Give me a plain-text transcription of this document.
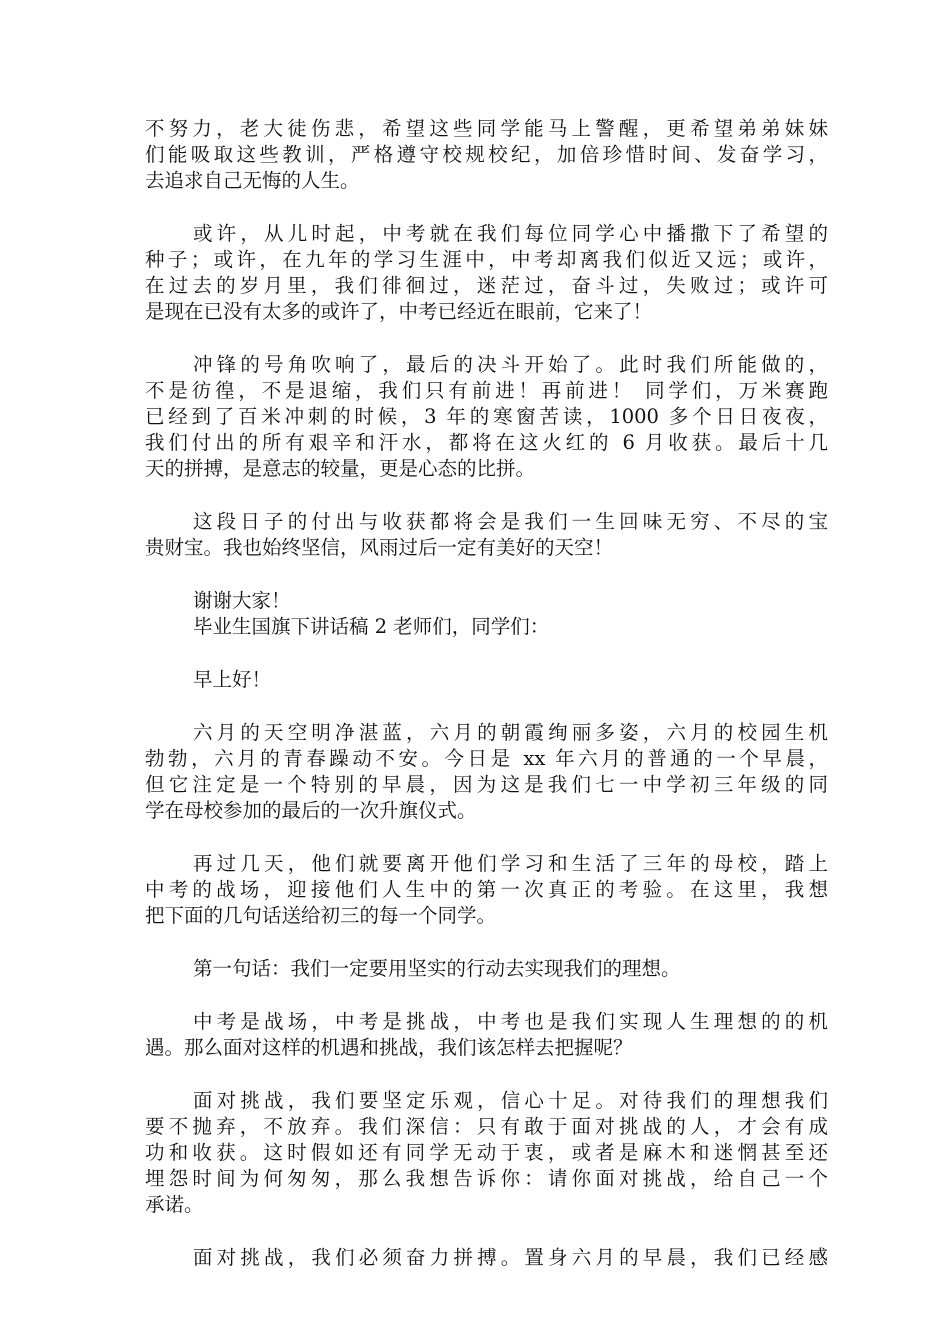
不努力，老大徒伤悲，希望这些同学能马上警醒，更希望弟弟妹妹
们能吸取这些教训，严格遵守校规校纪，加倍珍惜时间、发奋学习，
去追求自己无悔的人生。
或许，从儿时起，中考就在我们每位同学心中播撒下了希望的
种子；或许，在九年的学习生涯中，中考却离我们似近又远；或许，
在过去的岁月里，我们徘徊过，迷茫过，奋斗过，失败过；或许可
是现在已没有太多的或许了，中考已经近在眼前，它来了！
冲锋的号角吹响了，最后的决斗开始了。此时我们所能做的，
不是彷徨，不是退缩，我们只有前进！再前进！ 同学们，万米赛跑
已经到了百米冲刺的时候，3 年的寒窗苦读，1000 多个日日夜夜，
我们付出的所有艰辛和汗水，都将在这火红的 6 月收获。最后十几
天的拼搏，是意志的较量，更是心态的比拼。
这段日子的付出与收获都将会是我们一生回味无穷、不尽的宝
贵财宝。我也始终坚信，风雨过后一定有美好的天空！
谢谢大家！
毕业生国旗下讲话稿 2 老师们，同学们：
早上好！
六月的天空明净湛蓝，六月的朝霞绚丽多姿，六月的校园生机
勃勃，六月的青春躁动不安。今日是 xx 年六月的普通的一个早晨，
但它注定是一个特别的早晨，因为这是我们七一中学初三年级的同
学在母校参加的最后的一次升旗仪式。
再过几天，他们就要离开他们学习和生活了三年的母校，踏上
中考的战场，迎接他们人生中的第一次真正的考验。在这里，我想
把下面的几句话送给初三的每一个同学。
第一句话：我们一定要用坚实的行动去实现我们的理想。
中考是战场，中考是挑战，中考也是我们实现人生理想的的机
遇。那么面对这样的机遇和挑战，我们该怎样去把握呢？
面对挑战，我们要坚定乐观，信心十足。对待我们的理想我们
要不抛弃，不放弃。我们深信：只有敢于面对挑战的人，才会有成
功和收获。这时假如还有同学无动于衷，或者是麻木和迷惘甚至还
埋怨时间为何匆匆，那么我想告诉你：请你面对挑战，给自己一个
承诺。
面对挑战，我们必须奋力拼搏。置身六月的早晨，我们已经感
